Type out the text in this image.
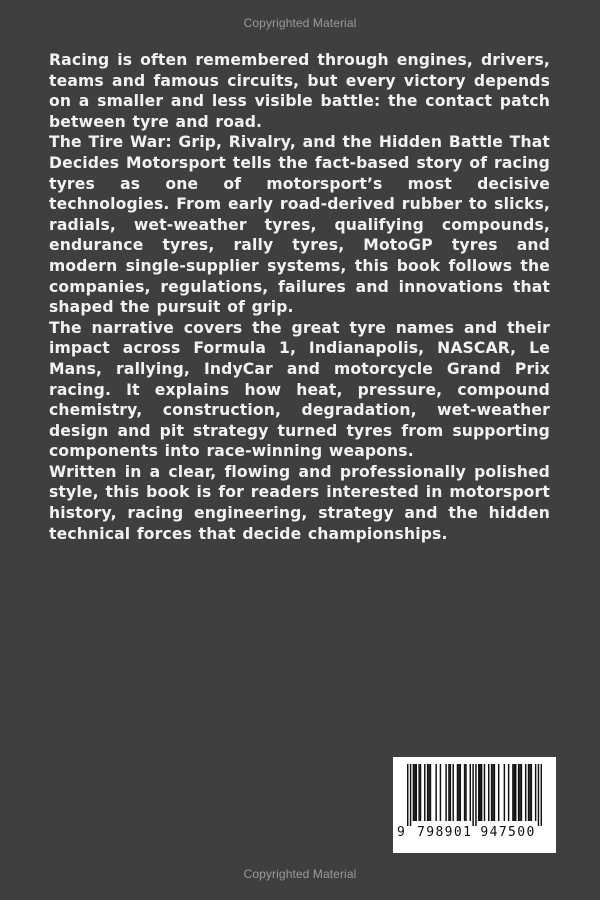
Copyrighted Material

Racing is often remembered through engines, drivers, teams and famous circuits, but every victory depends on a smaller and less visible battle: the contact patch between tyre and road.

The Tire War: Grip, Rivalry, and the Hidden Battle That Decides Motorsport tells the fact-based story of racing tyres as one of motorsport’s most decisive technologies. From early road-derived rubber to slicks, radials, wet-weather tyres, qualifying compounds, endurance tyres, rally tyres, MotoGP tyres and modern single-supplier systems, this book follows the companies, regulations, failures and innovations that shaped the pursuit of grip.

The narrative covers the great tyre names and their impact across Formula 1, Indianapolis, NASCAR, Le Mans, rallying, IndyCar and motorcycle Grand Prix racing. It explains how heat, pressure, compound chemistry, construction, degradation, wet-weather design and pit strategy turned tyres from supporting components into race-winning weapons.

Written in a clear, flowing and professionally polished style, this book is for readers interested in motorsport history, racing engineering, strategy and the hidden technical forces that decide championships.

9 798901 947500
Copyrighted Material
